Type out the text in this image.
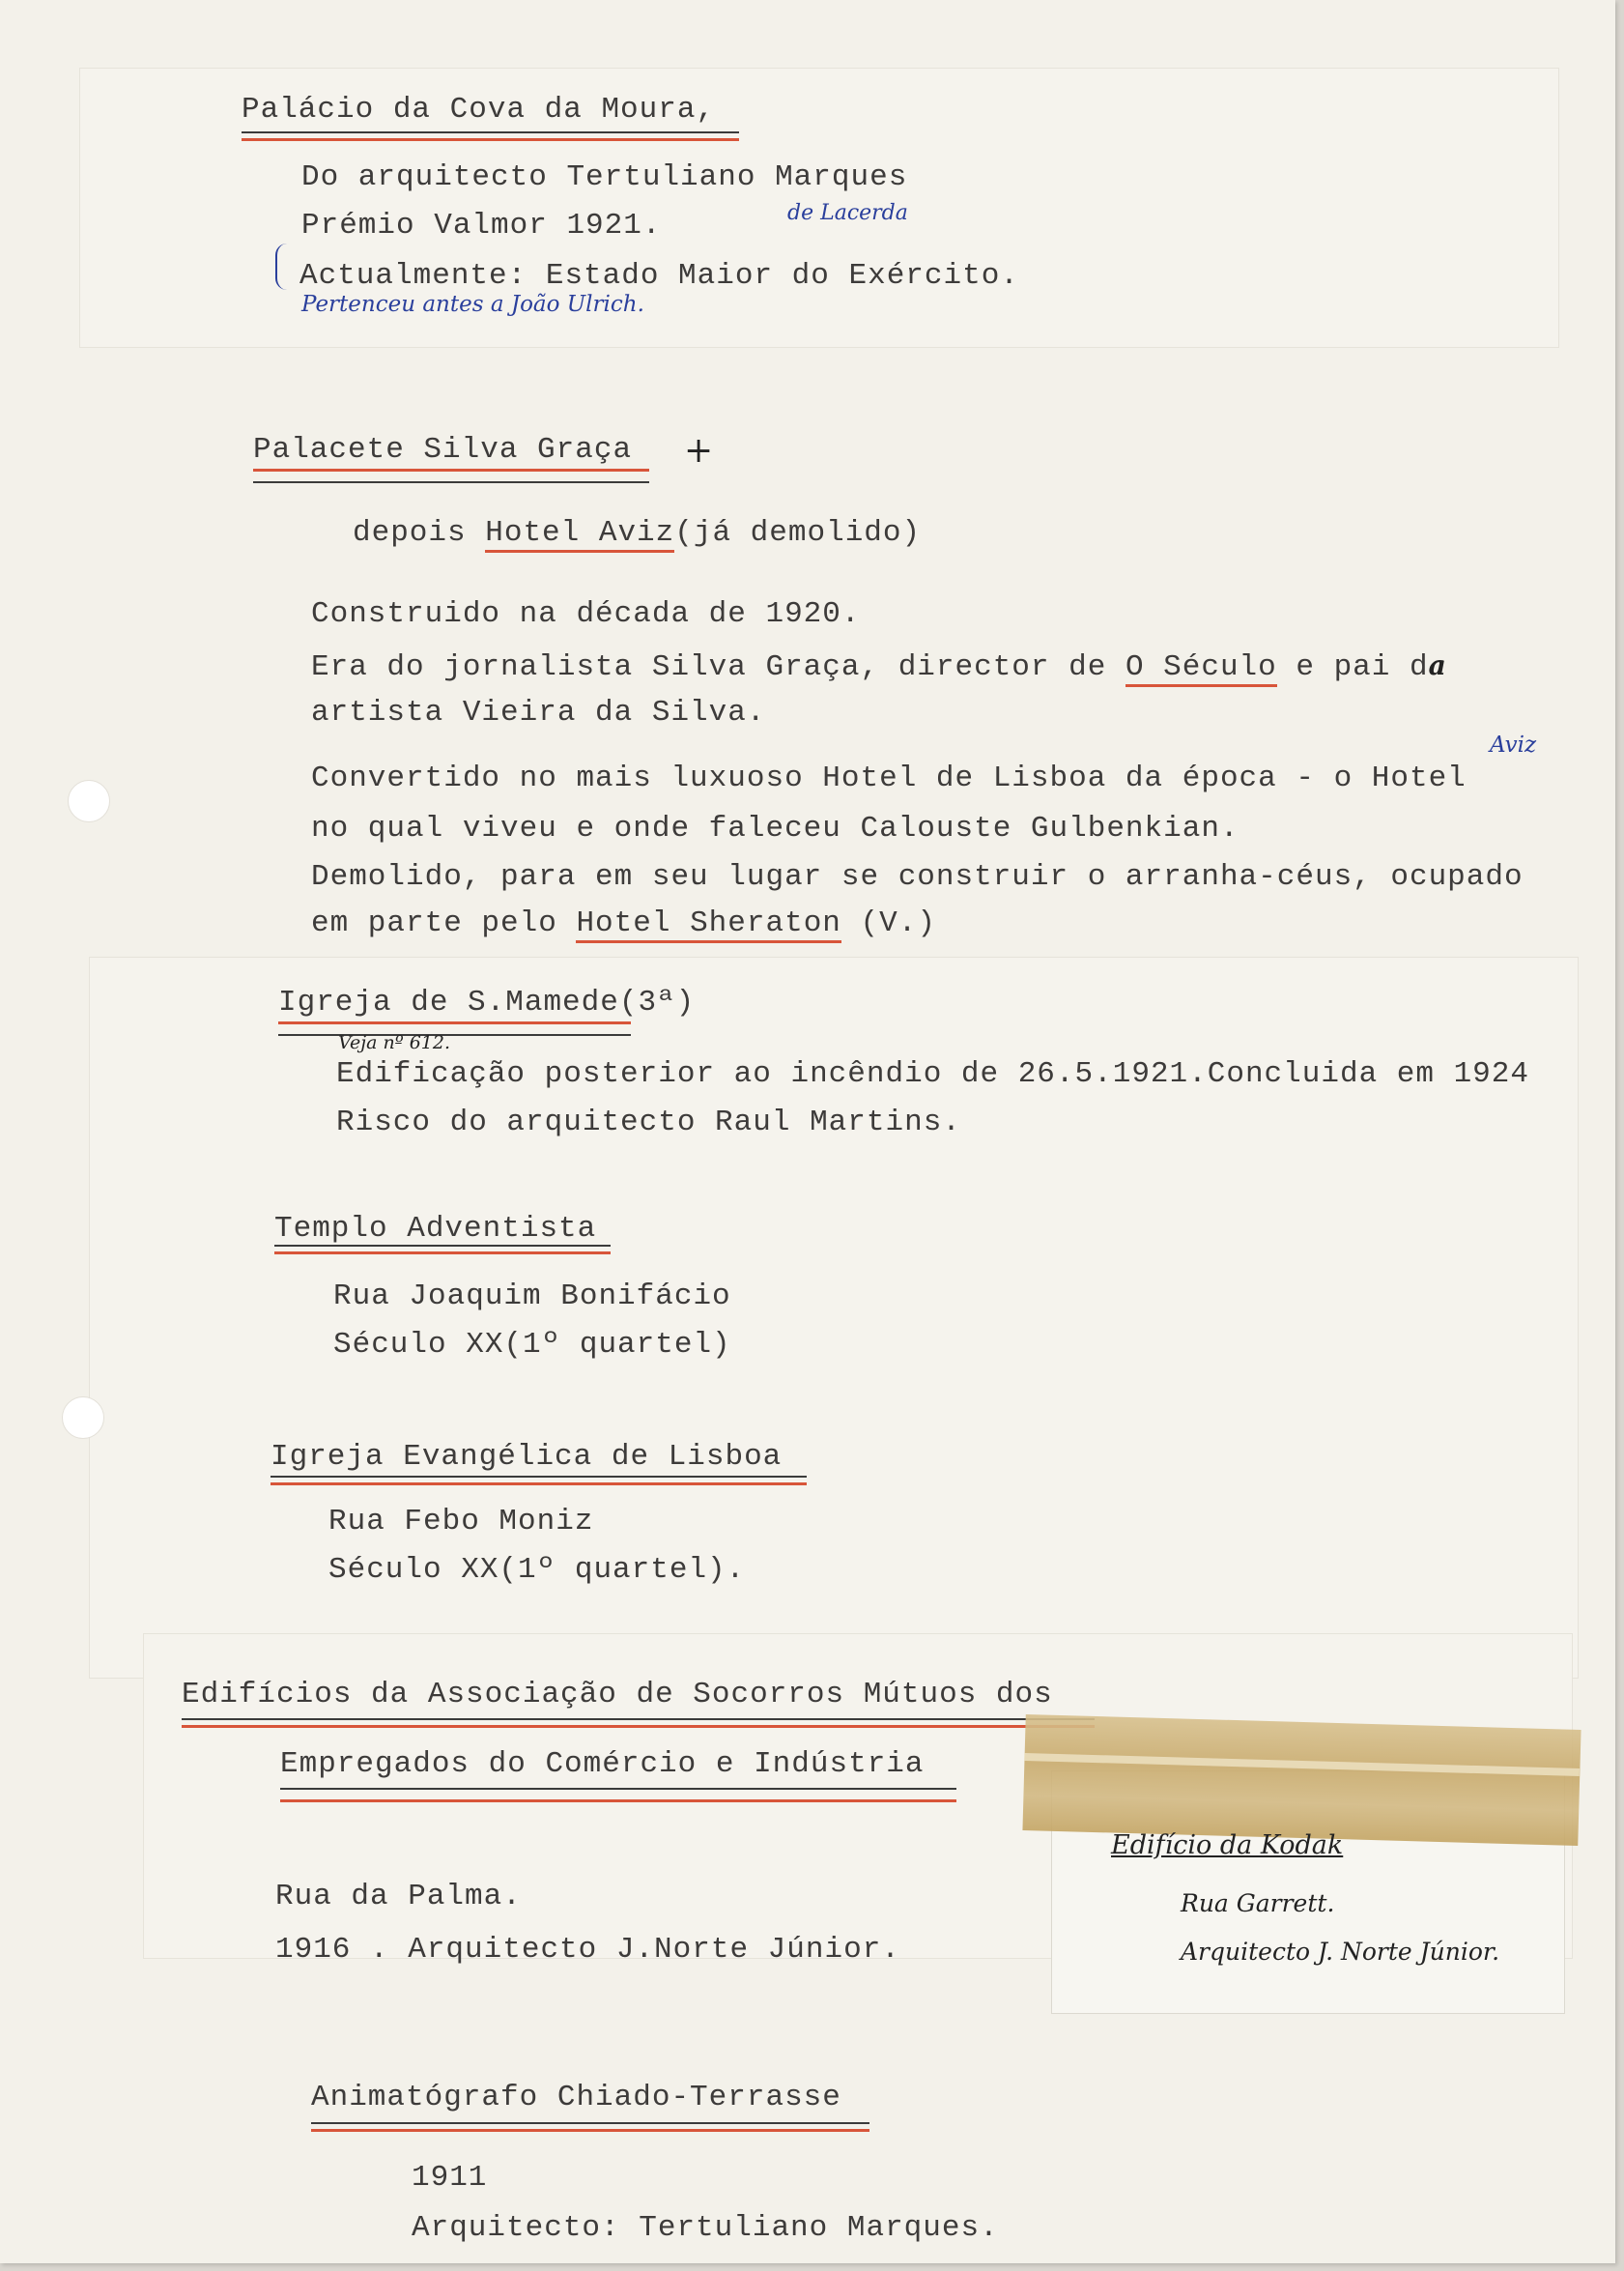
Palácio da Cova da Moura,
Do arquitecto Tertuliano Marques
de Lacerda
Prémio Valmor 1921.
Actualmente: Estado Maior do Exército.
Pertenceu antes a João Ulrich.
Palacete Silva Graça +
depois Hotel Aviz(já demolido)
Construido na década de 1920.
Era do jornalista Silva Graça, director de O Século e pai da
artista Vieira da Silva.
Aviz
Convertido no mais luxuoso Hotel de Lisboa da época - o Hotel
no qual viveu e onde faleceu Calouste Gulbenkian.
Demolido, para em seu lugar se construir o arranha-céus, ocupado
em parte pelo Hotel Sheraton (V.)
Igreja de S.Mamede(3ª)
Veja nº 612.
Edificação posterior ao incêndio de 26.5.1921.Concluida em 1924
Risco do arquitecto Raul Martins.
Templo Adventista
Rua Joaquim Bonifácio
Século XX(1º quartel)
Igreja Evangélica de Lisboa
Rua Febo Moniz
Século XX(1º quartel).
Edifícios da Associação de Socorros Mútuos dos
Empregados do Comércio e Indústria
Rua da Palma.
1916 . Arquitecto J.Norte Júnior.
Edifício da Kodak
Rua Garrett.
Arquitecto J. Norte Júnior.
Animatógrafo Chiado-Terrasse
1911
Arquitecto: Tertuliano Marques.
